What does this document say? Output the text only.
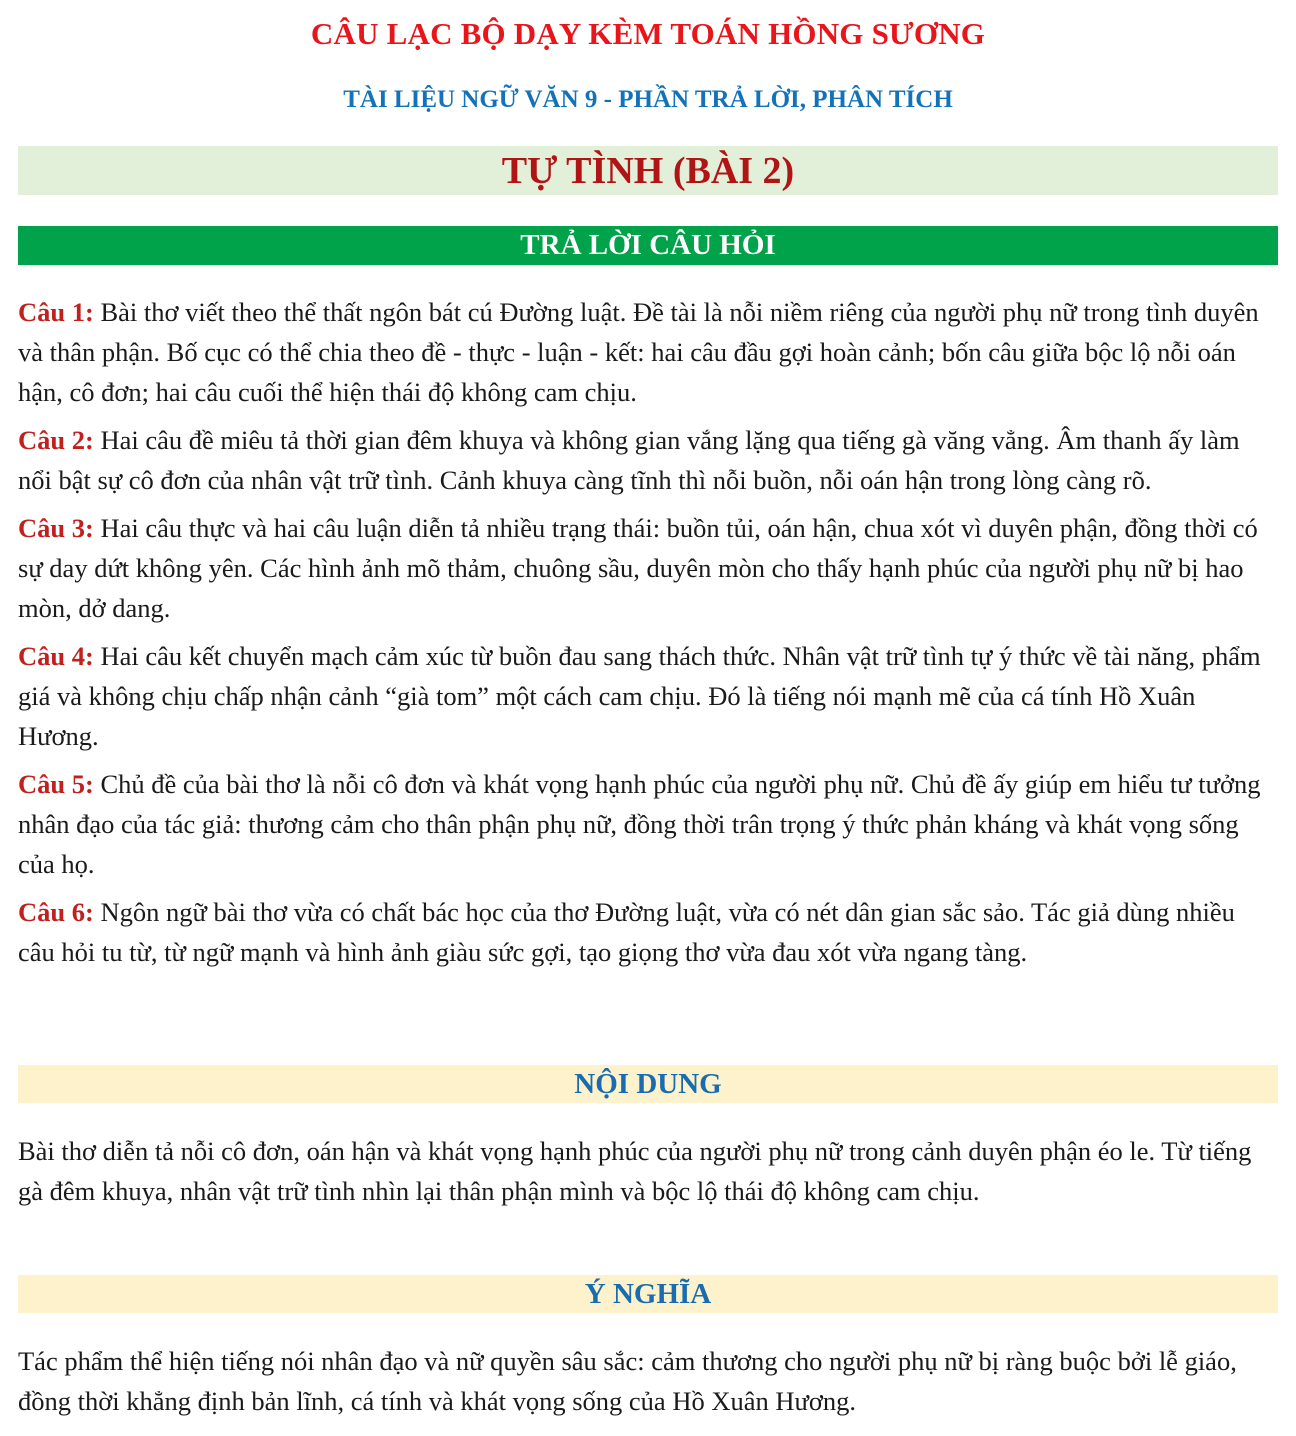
CÂU LẠC BỘ DẠY KÈM TOÁN HỒNG SƯƠNG
TÀI LIỆU NGỮ VĂN 9 - PHẦN TRẢ LỜI, PHÂN TÍCH
TỰ TÌNH (BÀI 2)
TRẢ LỜI CÂU HỎI

Câu 1: Bài thơ viết theo thể thất ngôn bát cú Đường luật. Đề tài là nỗi niềm riêng của người phụ nữ trong tình duyên và thân phận. Bố cục có thể chia theo đề - thực - luận - kết: hai câu đầu gợi hoàn cảnh; bốn câu giữa bộc lộ nỗi oán hận, cô đơn; hai câu cuối thể hiện thái độ không cam chịu.

Câu 2: Hai câu đề miêu tả thời gian đêm khuya và không gian vắng lặng qua tiếng gà văng vẳng. Âm thanh ấy làm nổi bật sự cô đơn của nhân vật trữ tình. Cảnh khuya càng tĩnh thì nỗi buồn, nỗi oán hận trong lòng càng rõ.

Câu 3: Hai câu thực và hai câu luận diễn tả nhiều trạng thái: buồn tủi, oán hận, chua xót vì duyên phận, đồng thời có sự day dứt không yên. Các hình ảnh mõ thảm, chuông sầu, duyên mòn cho thấy hạnh phúc của người phụ nữ bị hao mòn, dở dang.

Câu 4: Hai câu kết chuyển mạch cảm xúc từ buồn đau sang thách thức. Nhân vật trữ tình tự ý thức về tài năng, phẩm giá và không chịu chấp nhận cảnh “già tom” một cách cam chịu. Đó là tiếng nói mạnh mẽ của cá tính Hồ Xuân Hương.

Câu 5: Chủ đề của bài thơ là nỗi cô đơn và khát vọng hạnh phúc của người phụ nữ. Chủ đề ấy giúp em hiểu tư tưởng nhân đạo của tác giả: thương cảm cho thân phận phụ nữ, đồng thời trân trọng ý thức phản kháng và khát vọng sống của họ.

Câu 6: Ngôn ngữ bài thơ vừa có chất bác học của thơ Đường luật, vừa có nét dân gian sắc sảo. Tác giả dùng nhiều câu hỏi tu từ, từ ngữ mạnh và hình ảnh giàu sức gợi, tạo giọng thơ vừa đau xót vừa ngang tàng.

NỘI DUNG
Bài thơ diễn tả nỗi cô đơn, oán hận và khát vọng hạnh phúc của người phụ nữ trong cảnh duyên phận éo le. Từ tiếng gà đêm khuya, nhân vật trữ tình nhìn lại thân phận mình và bộc lộ thái độ không cam chịu.
Ý NGHĨA
Tác phẩm thể hiện tiếng nói nhân đạo và nữ quyền sâu sắc: cảm thương cho người phụ nữ bị ràng buộc bởi lễ giáo, đồng thời khẳng định bản lĩnh, cá tính và khát vọng sống của Hồ Xuân Hương.
